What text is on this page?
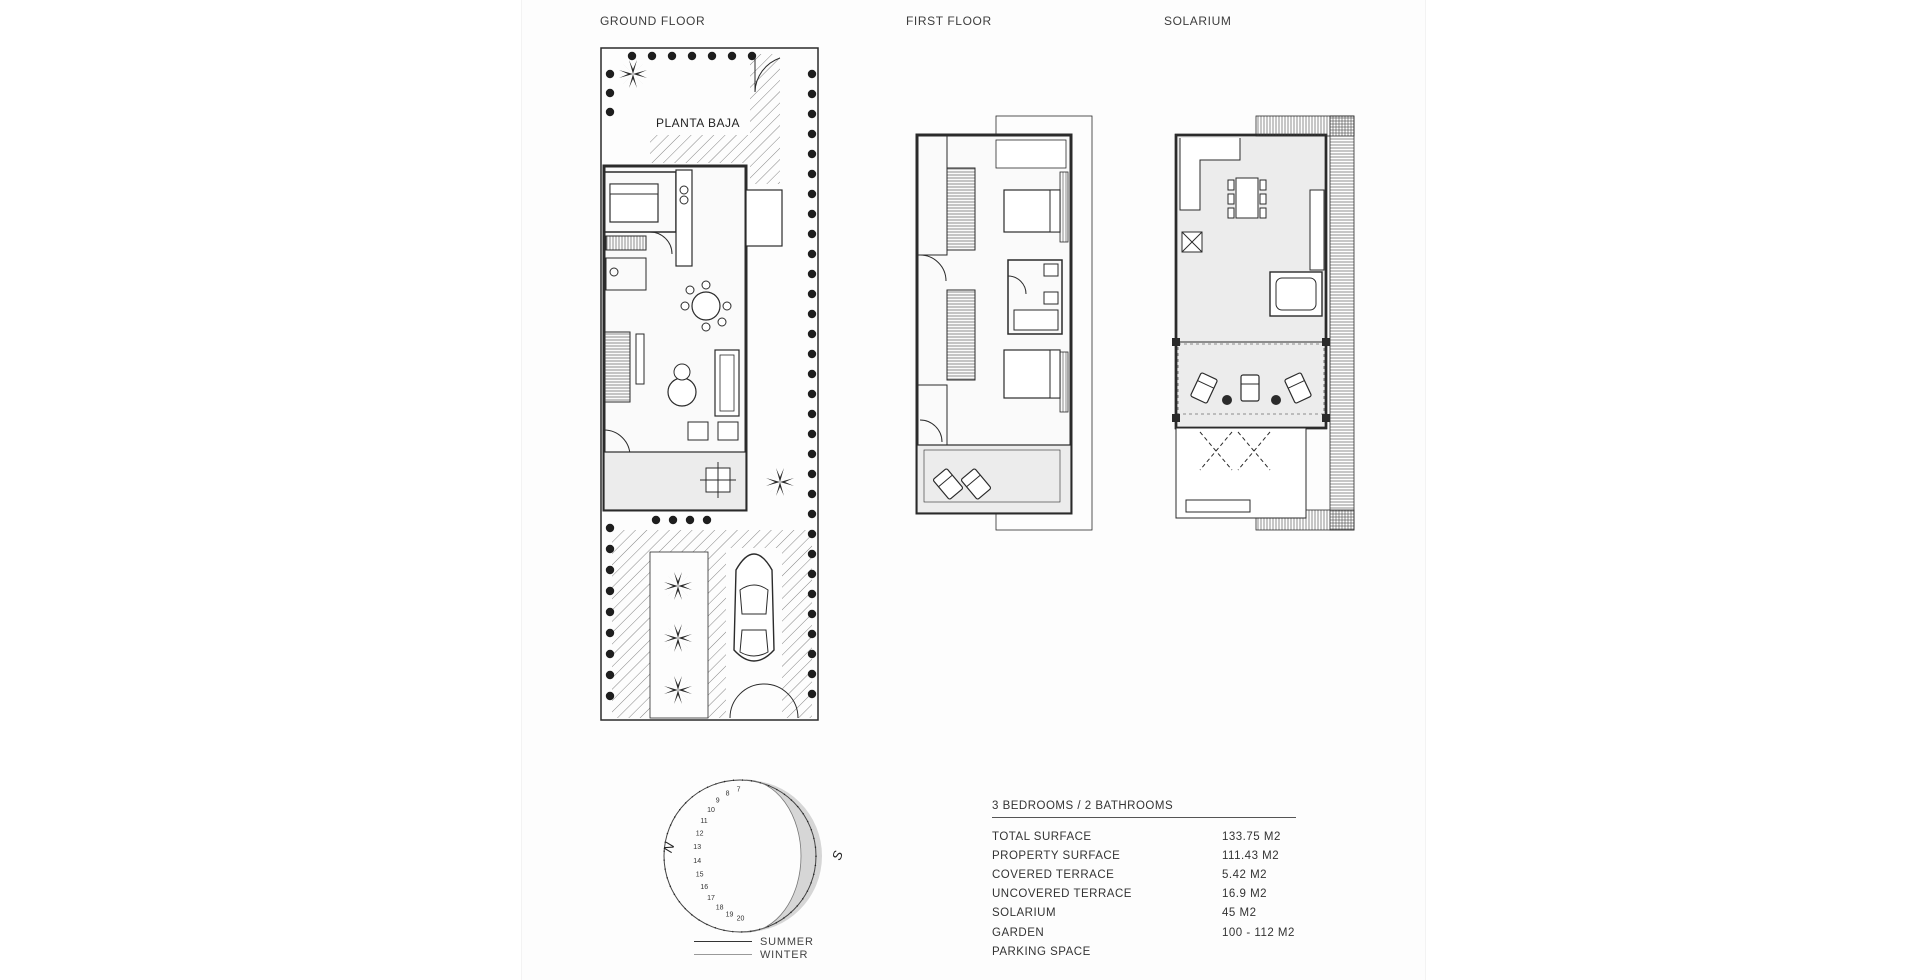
GROUND FLOOR	FIRST FLOOR	SOLARIUM
20
19
18
17
16
15
14
13
12
11
10
9
8
7
PLANTA BAJA
N
S
SUMMER
WINTER
3 BEDROOMS / 2 BATHROOMS
TOTAL SURFACE	133.75 M2
PROPERTY SURFACE	111.43 M2
COVERED TERRACE	5.42 M2
UNCOVERED TERRACE	16.9 M2
SOLARIUM	45 M2
GARDEN	100 - 112 M2
PARKING SPACE
